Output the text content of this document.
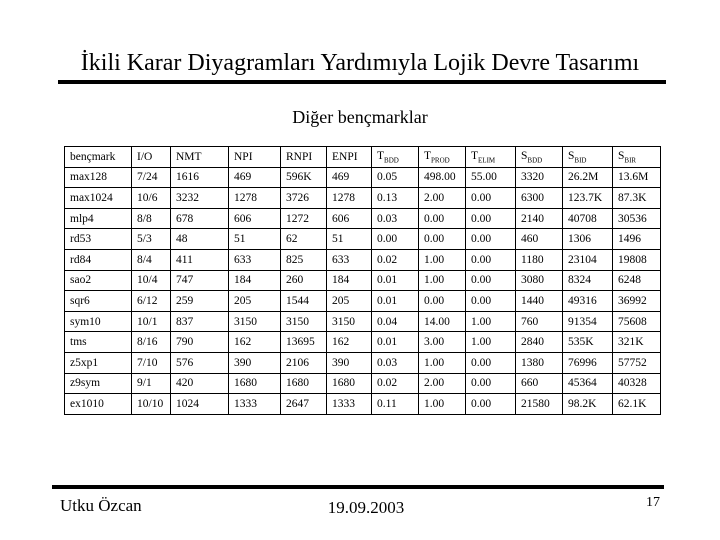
İkili Karar Diyagramları Yardımıyla Lojik Devre Tasarımı
Diğer bençmarklar
bençmark	I/O	NMT	NPI	RNPI	ENPI	$T_{BDD}$	$T_{PROD}$	$T_{ELIM}$	$S_{BDD}$	$S_{BID}$	$S_{BIR}$
max128	7/24	1616	469	596K	469	0.05	498.00	55.00	3320	26.2M	13.6M
max1024	10/6	3232	1278	3726	1278	0.13	2.00	0.00	6300	123.7K	87.3K
mlp4	8/8	678	606	1272	606	0.03	0.00	0.00	2140	40708	30536
rd53	5/3	48	51	62	51	0.00	0.00	0.00	460	1306	1496
rd84	8/4	411	633	825	633	0.02	1.00	0.00	1180	23104	19808
sao2	10/4	747	184	260	184	0.01	1.00	0.00	3080	8324	6248
sqr6	6/12	259	205	1544	205	0.01	0.00	0.00	1440	49316	36992
sym10	10/1	837	3150	3150	3150	0.04	14.00	1.00	760	91354	75608
tms	8/16	790	162	13695	162	0.01	3.00	1.00	2840	535K	321K
z5xp1	7/10	576	390	2106	390	0.03	1.00	0.00	1380	76996	57752
z9sym	9/1	420	1680	1680	1680	0.02	2.00	0.00	660	45364	40328
ex1010	10/10	1024	1333	2647	1333	0.11	1.00	0.00	21580	98.2K	62.1K
Utku Özcan	19.09.2003	17
